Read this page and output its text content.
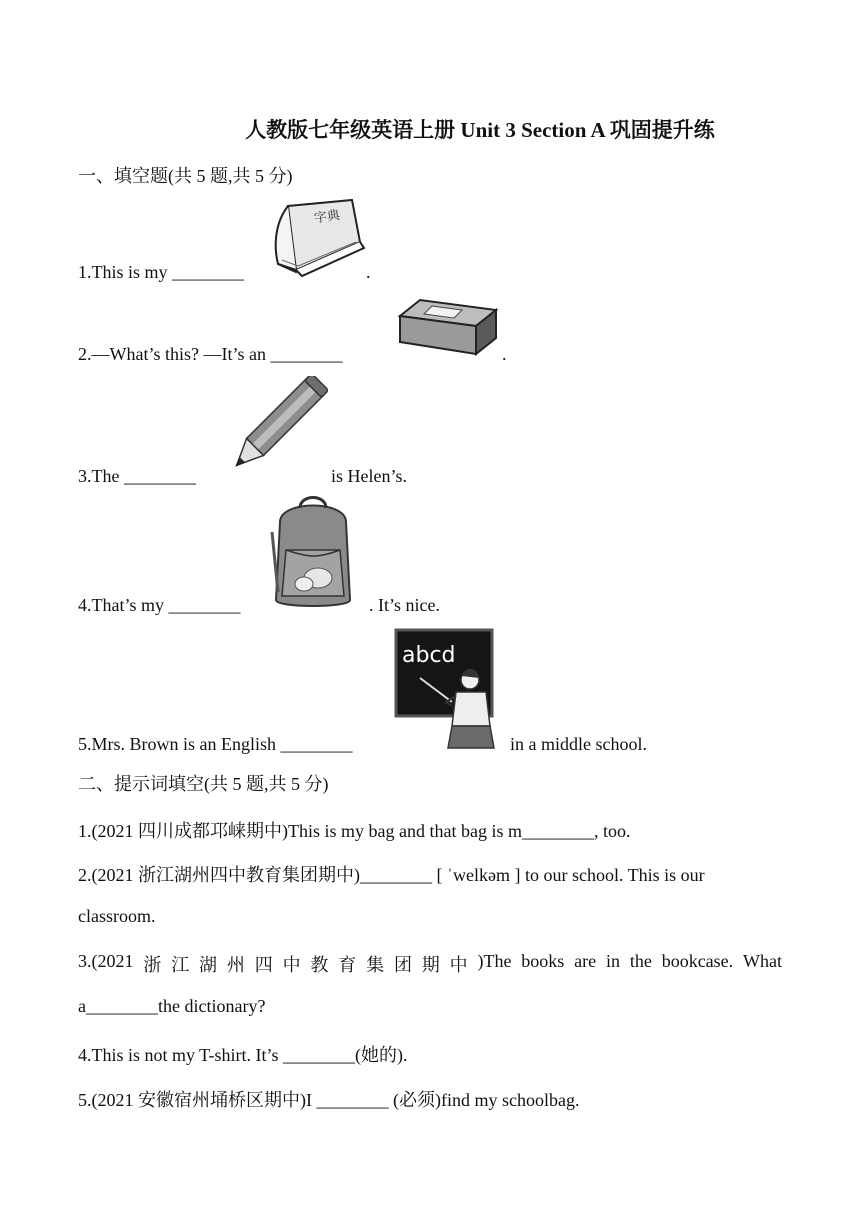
人教版七年级英语上册 Unit 3 Section A 巩固提升练
一、填空题(共 5 题,共 5 分)
1.This is my ________	.
字典
2.—What’s this? —It’s an ________	.
3.The ________	is Helen’s.
4.That’s my ________	. It’s nice.
5.Mrs. Brown is an English ________	in a middle school.
abcd
二、提示词填空(共 5 题,共 5 分)
1.(2021 四川成都邛崃期中)This is my bag and that bag is m________, too.
2.(2021 浙江湖州四中教育集团期中)________ [ ˈwelkəm ] to our school. This is our
classroom.
3.(2021 浙 江 湖 州 四 中 教 育 集 团 期 中 )The books are in the bookcase. What
a________the dictionary?
4.This is not my T-shirt. It’s ________(她的).
5.(2021 安徽宿州埇桥区期中)I ________ (必须)find my schoolbag.
